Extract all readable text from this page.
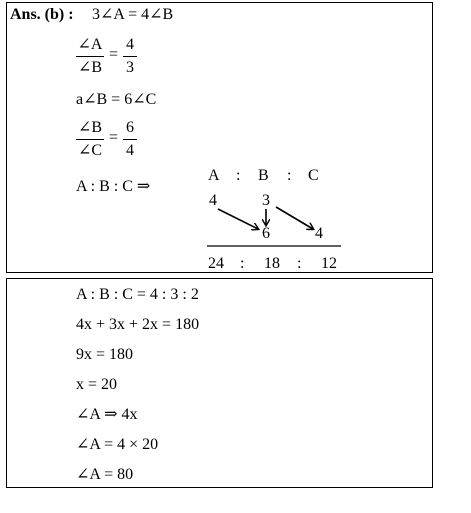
Ans. (b) : 3∠A = 4∠B
∠A
∠B
=
4
3
a∠B = 6∠C
∠B
∠C
=
6
4
A : B : C ⇒
A : B : C
4	3
6	4
24 : 18 : 12
A : B : C = 4 : 3 : 2
4x + 3x + 2x = 180
9x = 180
x = 20
∠A ⇒ 4x
∠A = 4 × 20
∠A = 80
